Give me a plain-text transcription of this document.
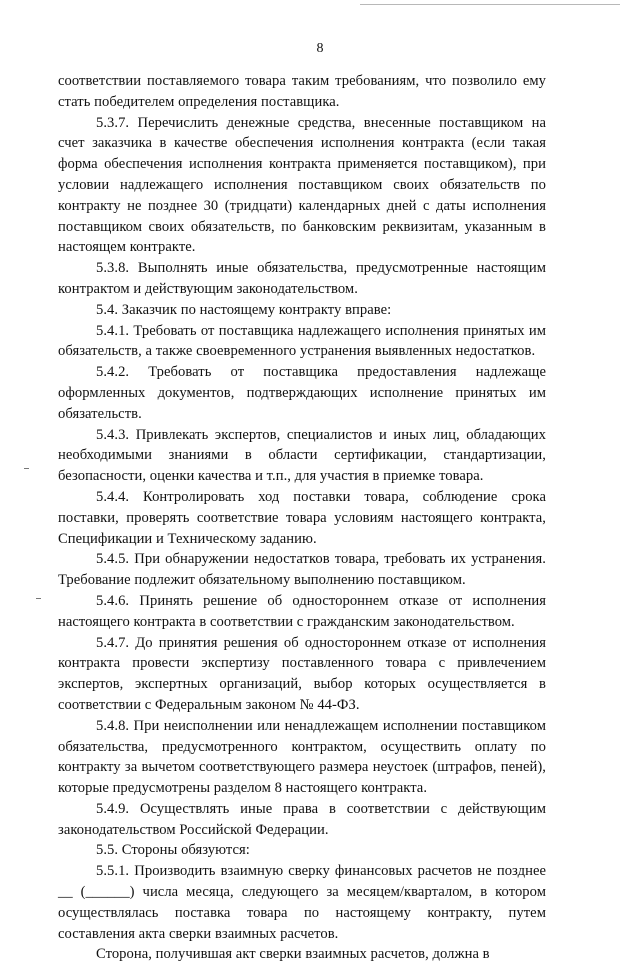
8

соответствии поставляемого товара таким требованиям, что позволило ему стать победителем определения поставщика.

5.3.7. Перечислить денежные средства, внесенные поставщиком на счет заказчика в качестве обеспечения исполнения контракта (если такая форма обеспечения исполнения контракта применяется поставщиком), при условии надлежащего исполнения поставщиком своих обязательств по контракту не позднее 30 (тридцати) календарных дней с даты исполнения поставщиком своих обязательств, по банковским реквизитам, указанным в настоящем контракте.

5.3.8. Выполнять иные обязательства, предусмотренные настоящим контрактом и действующим законодательством.

5.4. Заказчик по настоящему контракту вправе:

5.4.1. Требовать от поставщика надлежащего исполнения принятых им обязательств, а также своевременного устранения выявленных недостатков.

5.4.2. Требовать от поставщика предоставления надлежаще оформленных документов, подтверждающих исполнение принятых им обязательств.

5.4.3. Привлекать экспертов, специалистов и иных лиц, обладающих необходимыми знаниями в области сертификации, стандартизации, безопасности, оценки качества и т.п., для участия в приемке товара.

5.4.4. Контролировать ход поставки товара, соблюдение срока поставки, проверять соответствие товара условиям настоящего контракта, Спецификации и Техническому заданию.

5.4.5. При обнаружении недостатков товара, требовать их устранения. Требование подлежит обязательному выполнению поставщиком.

5.4.6. Принять решение об одностороннем отказе от исполнения настоящего контракта в соответствии с гражданским законодательством.

5.4.7. До принятия решения об одностороннем отказе от исполнения контракта провести экспертизу поставленного товара с привлечением экспертов, экспертных организаций, выбор которых осуществляется в соответствии с Федеральным законом № 44-ФЗ.

5.4.8. При неисполнении или ненадлежащем исполнении поставщиком обязательства, предусмотренного контрактом, осуществить оплату по контракту за вычетом соответствующего размера неустоек (штрафов, пеней), которые предусмотрены разделом 8 настоящего контракта.

5.4.9. Осуществлять иные права в соответствии с действующим законодательством Российской Федерации.

5.5. Стороны обязуются:

5.5.1. Производить взаимную сверку финансовых расчетов не позднее __ (______) числа месяца, следующего за месяцем/кварталом, в котором осуществлялась поставка товара по настоящему контракту, путем составления акта сверки взаимных расчетов.

Сторона, получившая акт сверки взаимных расчетов, должна в
